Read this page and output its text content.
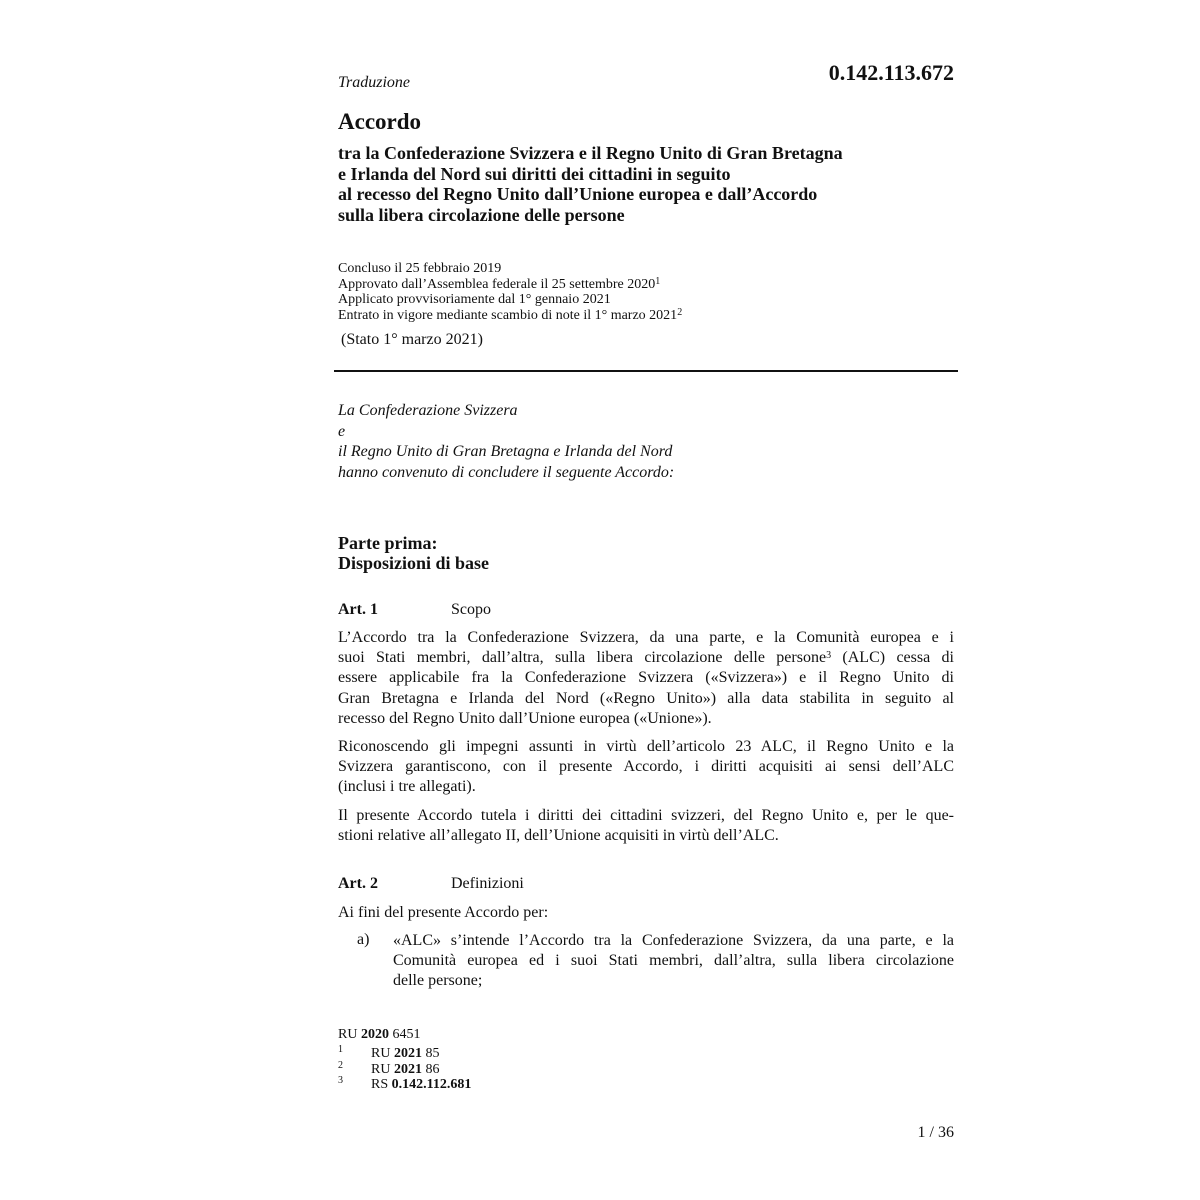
Traduzione	0.142.113.672
Accordo
tra la Confederazione Svizzera e il Regno Unito di Gran Bretagna
e Irlanda del Nord sui diritti dei cittadini in seguito
al recesso del Regno Unito dall’Unione europea e dall’Accordo
sulla libera circolazione delle persone
Concluso il 25 febbraio 2019
Approvato dall’Assemblea federale il 25 settembre 2020$^1$
Applicato provvisoriamente dal 1° gennaio 2021
Entrato in vigore mediante scambio di note il 1° marzo 2021$^2$
(Stato 1° marzo 2021)
La Confederazione Svizzera
e
il Regno Unito di Gran Bretagna e Irlanda del Nord
hanno convenuto di concludere il seguente Accordo:
Parte prima:
Disposizioni di base
Art. 1	Scopo
L’Accordo tra la Confederazione Svizzera, da una parte, e la Comunità europea e i
suoi Stati membri, dall’altra, sulla libera circolazione delle persone$^3$ (ALC) cessa di
essere applicabile fra la Confederazione Svizzera («Svizzera») e il Regno Unito di
Gran Bretagna e Irlanda del Nord («Regno Unito») alla data stabilita in seguito al
recesso del Regno Unito dall’Unione europea («Unione»).
Riconoscendo gli impegni assunti in virtù dell’articolo 23 ALC, il Regno Unito e la
Svizzera garantiscono, con il presente Accordo, i diritti acquisiti ai sensi dell’ALC
(inclusi i tre allegati).
Il presente Accordo tutela i diritti dei cittadini svizzeri, del Regno Unito e, per le que-
stioni relative all’allegato II, dell’Unione acquisiti in virtù dell’ALC.
Art. 2	Definizioni
Ai fini del presente Accordo per:
a) «ALC» s’intende l’Accordo tra la Confederazione Svizzera, da una parte, e la
Comunità europea ed i suoi Stati membri, dall’altra, sulla libera circolazione
delle persone;
RU 2020 6451
1 RU 2021 85
2 RU 2021 86
3 RS 0.142.112.681
1 / 36
